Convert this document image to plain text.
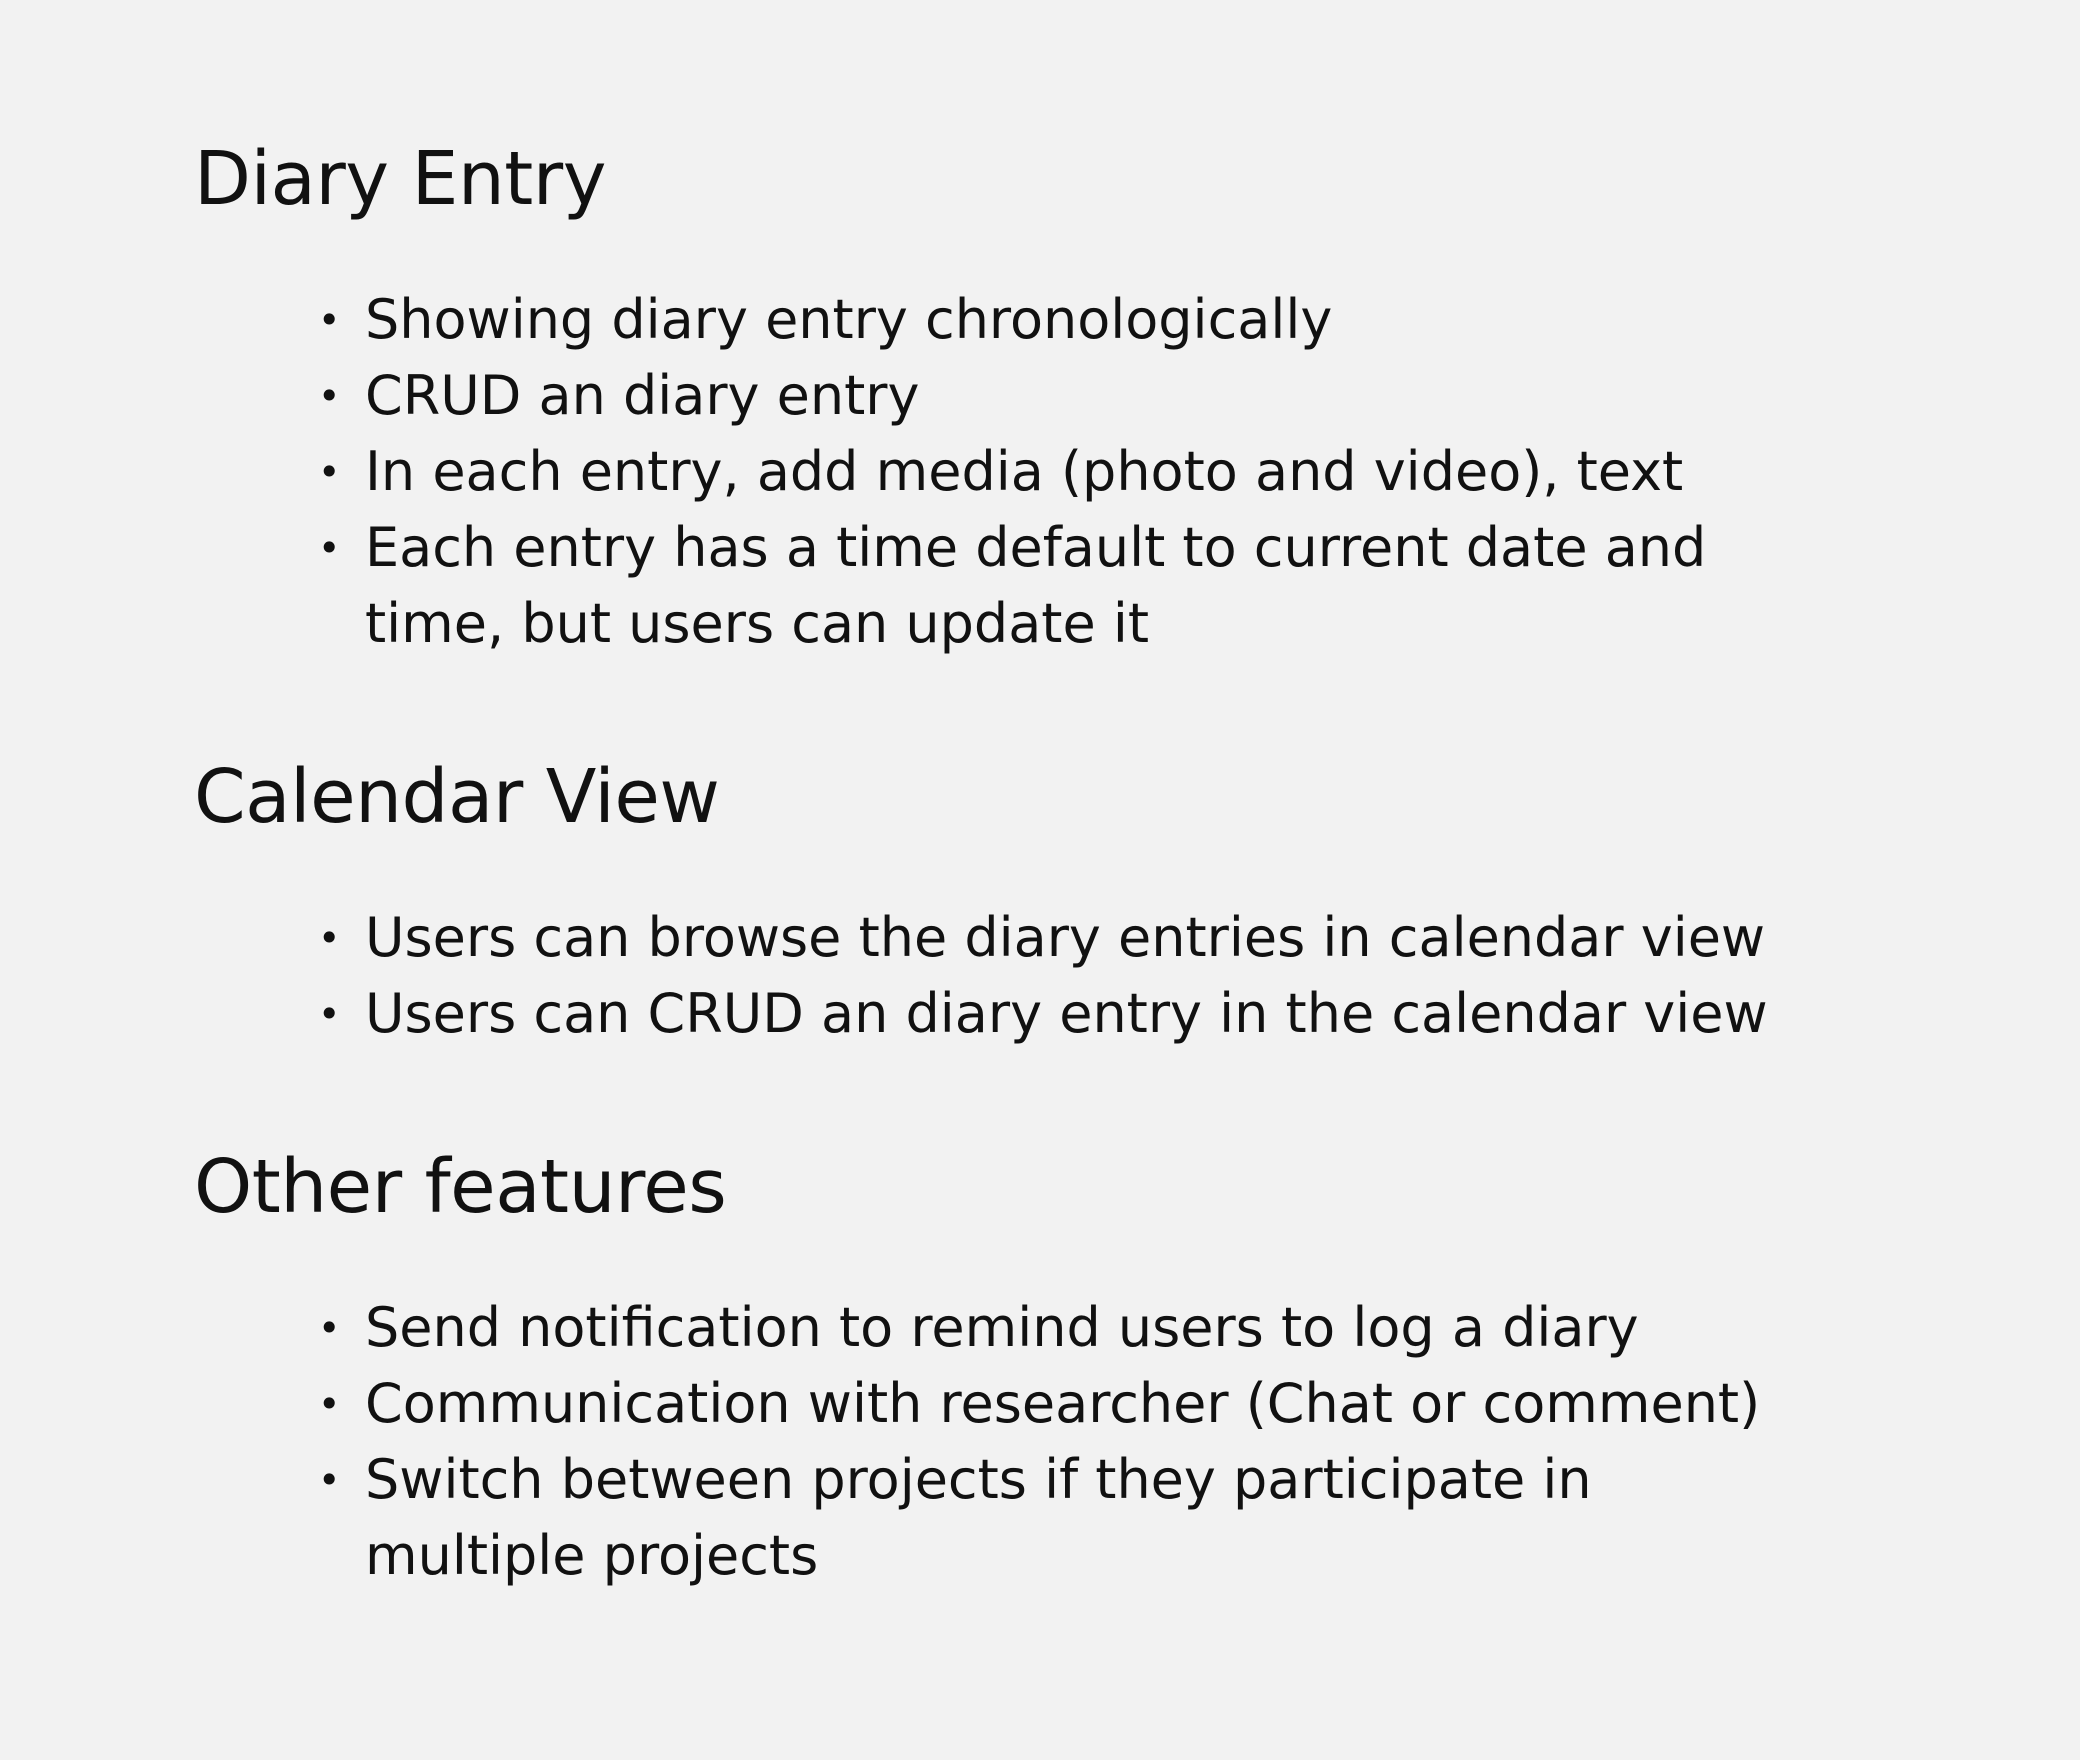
Diary Entry
• Showing diary entry chronologically
• CRUD an diary entry
• In each entry, add media (photo and video), text
• Each entry has a time default to current date and time, but users can update it
Calendar View
• Users can browse the diary entries in calendar view
• Users can CRUD an diary entry in the calendar view
Other features
• Send notification to remind users to log a diary
• Communication with researcher (Chat or comment)
• Switch between projects if they participate in multiple projects
